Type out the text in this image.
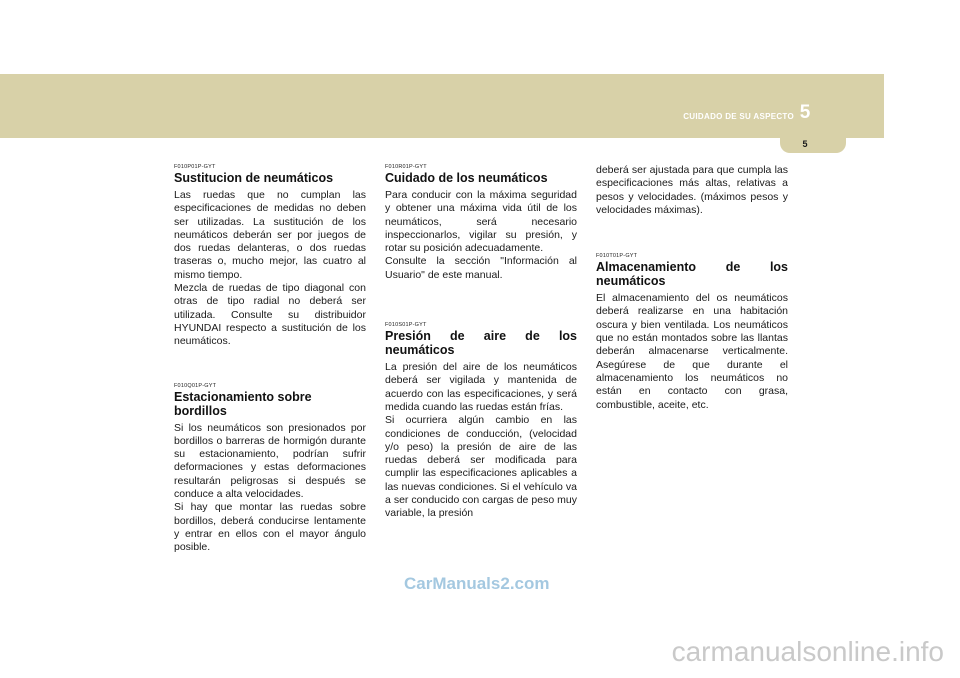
CUIDADO DE SU ASPECTO 5
5
F010P01P-GYT
Sustitucion de neumáticos

Las ruedas que no cumplan las especificaciones de medidas no deben ser utilizadas. La sustitución de los neumáticos deberán ser por juegos de dos ruedas delanteras, o dos ruedas traseras o, mucho mejor, las cuatro al mismo tiempo.
Mezcla de ruedas de tipo diagonal con otras de tipo radial no deberá ser utilizada. Consulte su distribuidor HYUNDAI respecto a sustitución de los neumáticos.

F010Q01P-GYT
Estacionamiento sobre bordillos

Si los neumáticos son presionados por bordillos o barreras de hormigón durante su estacionamiento, podrían sufrir deformaciones y estas deformaciones resultarán peligrosas si después se conduce a alta velocidades.
Si hay que montar las ruedas sobre bordillos, deberá conducirse lentamente y entrar en ellos con el mayor ángulo posible.

F010R01P-GYT
Cuidado de los neumáticos

Para conducir con la máxima seguridad y obtener una máxima vida útil de los neumáticos, será necesario inspeccionarlos, vigilar su presión, y rotar su posición adecuadamente.
Consulte la sección "Información al Usuario" de este manual.

F010S01P-GYT
Presión de aire de los
neumáticos

La presión del aire de los neumáticos deberá ser vigilada y mantenida de acuerdo con las especificaciones, y será medida cuando las ruedas están frías.
Si ocurriera algún cambio en las condiciones de conducción, (velocidad y/o peso) la presión de aire de las ruedas deberá ser modificada para cumplir las especificaciones aplicables a las nuevas condiciones. Si el vehículo va a ser conducido con cargas de peso muy variable, la presión

deberá ser ajustada para que cumpla las especificaciones más altas, relativas a pesos y velocidades. (máximos pesos y velocidades máximas).

F010T01P-GYT
Almacenamiento de los
neumáticos

El almacenamiento del os neumáticos deberá realizarse en una habitación oscura y bien ventilada. Los neumáticos que no están montados sobre las llantas deberán almacenarse verticalmente. Asegúrese de que durante el almacenamiento los neumáticos no están en contacto con grasa, combustible, aceite, etc.

CarManuals2.com
carmanualsonline.info
